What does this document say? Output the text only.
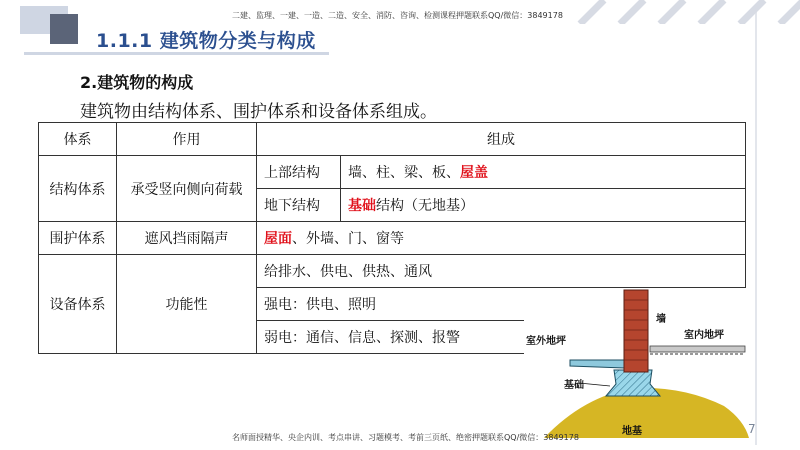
二建、监理、一建、一造、二造、安全、消防、咨询、检测课程押题联系QQ/微信：3849178
1.1.1 建筑物分类与构成
2.建筑物的构成
建筑物由结构体系、围护体系和设备体系组成。
体系	作用	组成	
结构体系	承受竖向侧向荷载	上部结构	墙、柱、梁、板、屋盖
		地下结构	基础结构（无地基）
围护体系	遮风挡雨隔声	屋面、外墙、门、窗等	
设备体系	功能性	给排水、供电、供热、通风	
		强电：供电、照明	
		弱电：通信、信息、探测、报警	
墙
室外地坪
室内地坪
基础
地基
名师面授精华、央企内训、考点串讲、习题模考、考前三页纸、绝密押题联系QQ/微信：3849178
7
